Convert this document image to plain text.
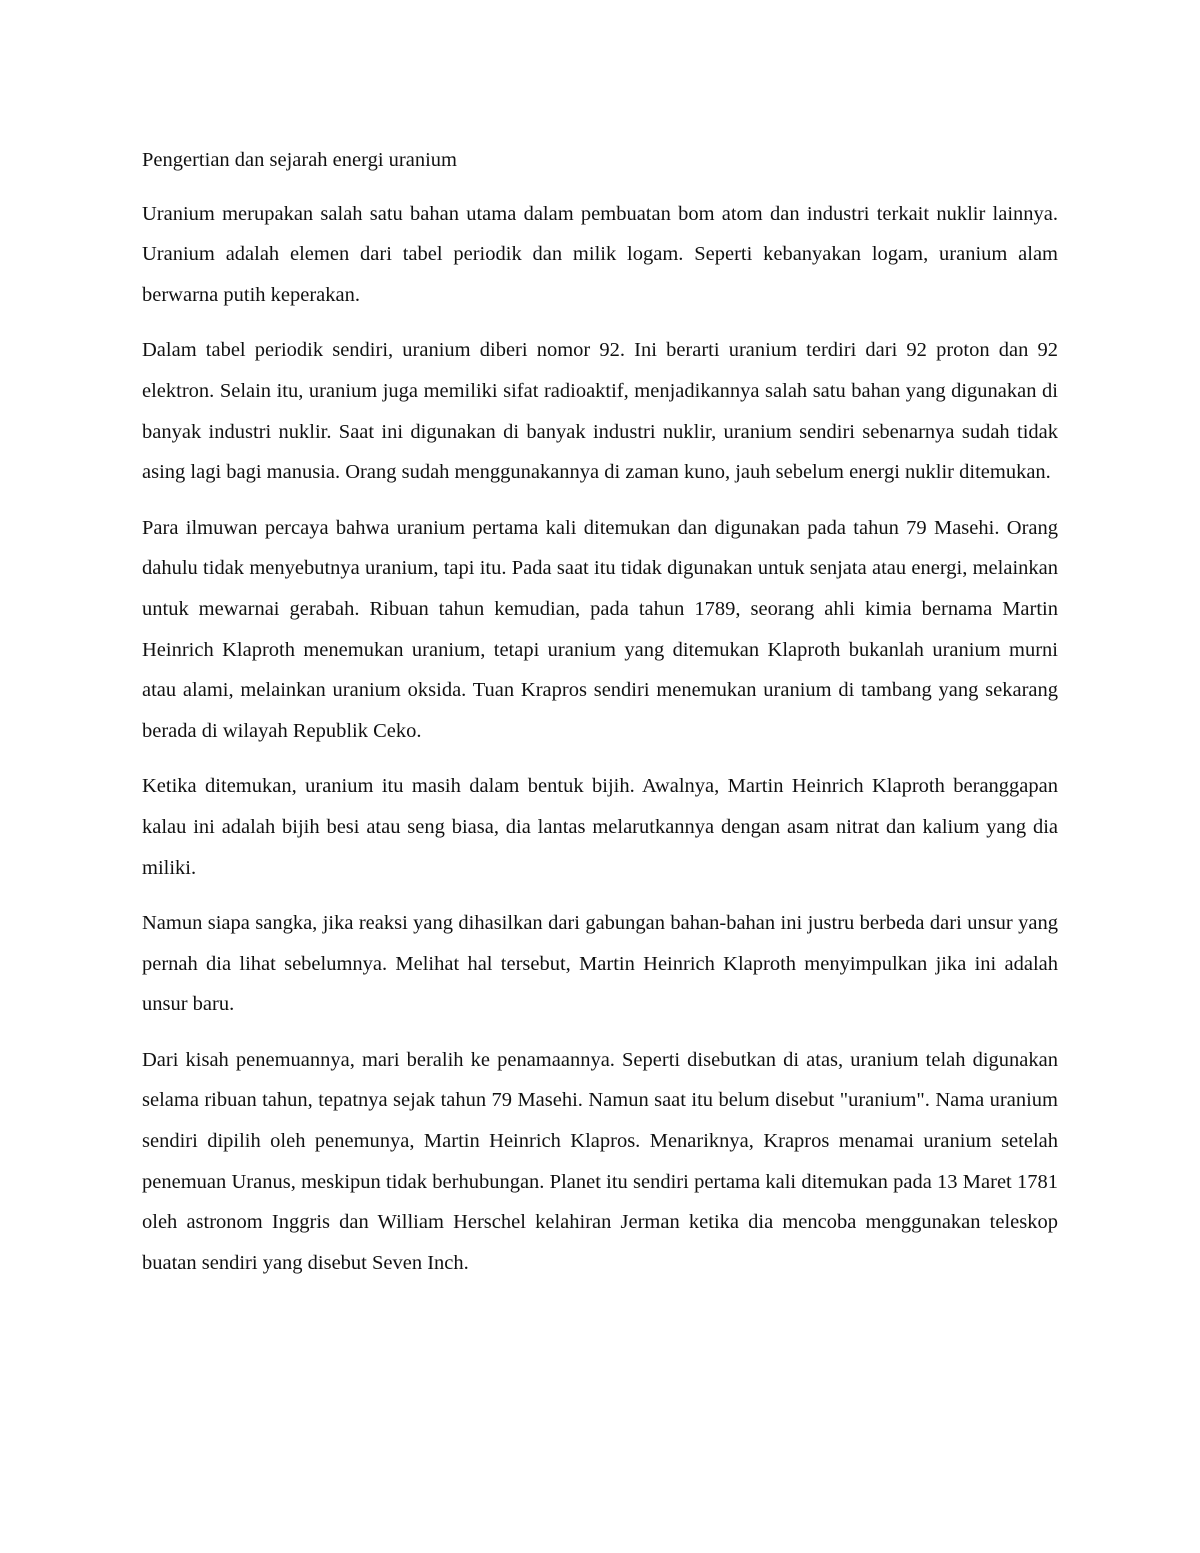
Pengertian dan sejarah energi uranium

Uranium merupakan salah satu bahan utama dalam pembuatan bom atom dan industri terkait nuklir lainnya. Uranium adalah elemen dari tabel periodik dan milik logam. Seperti kebanyakan logam, uranium alam berwarna putih keperakan.

Dalam tabel periodik sendiri, uranium diberi nomor 92. Ini berarti uranium terdiri dari 92 proton dan 92 elektron. Selain itu, uranium juga memiliki sifat radioaktif, menjadikannya salah satu bahan yang digunakan di banyak industri nuklir. Saat ini digunakan di banyak industri nuklir, uranium sendiri sebenarnya sudah tidak asing lagi bagi manusia. Orang sudah menggunakannya di zaman kuno, jauh sebelum energi nuklir ditemukan.

Para ilmuwan percaya bahwa uranium pertama kali ditemukan dan digunakan pada tahun 79 Masehi. Orang dahulu tidak menyebutnya uranium, tapi itu. Pada saat itu tidak digunakan untuk senjata atau energi, melainkan untuk mewarnai gerabah. Ribuan tahun kemudian, pada tahun 1789, seorang ahli kimia bernama Martin Heinrich Klaproth menemukan uranium, tetapi uranium yang ditemukan Klaproth bukanlah uranium murni atau alami, melainkan uranium oksida. Tuan Krapros sendiri menemukan uranium di tambang yang sekarang berada di wilayah Republik Ceko.

Ketika ditemukan, uranium itu masih dalam bentuk bijih. Awalnya, Martin Heinrich Klaproth beranggapan kalau ini adalah bijih besi atau seng biasa, dia lantas melarutkannya dengan asam nitrat dan kalium yang dia miliki.

Namun siapa sangka, jika reaksi yang dihasilkan dari gabungan bahan-bahan ini justru berbeda dari unsur yang pernah dia lihat sebelumnya. Melihat hal tersebut, Martin Heinrich Klaproth menyimpulkan jika ini adalah unsur baru.

Dari kisah penemuannya, mari beralih ke penamaannya. Seperti disebutkan di atas, uranium telah digunakan selama ribuan tahun, tepatnya sejak tahun 79 Masehi. Namun saat itu belum disebut "uranium". Nama uranium sendiri dipilih oleh penemunya, Martin Heinrich Klapros. Menariknya, Krapros menamai uranium setelah penemuan Uranus, meskipun tidak berhubungan. Planet itu sendiri pertama kali ditemukan pada 13 Maret 1781 oleh astronom Inggris dan William Herschel kelahiran Jerman ketika dia mencoba menggunakan teleskop buatan sendiri yang disebut Seven Inch.
